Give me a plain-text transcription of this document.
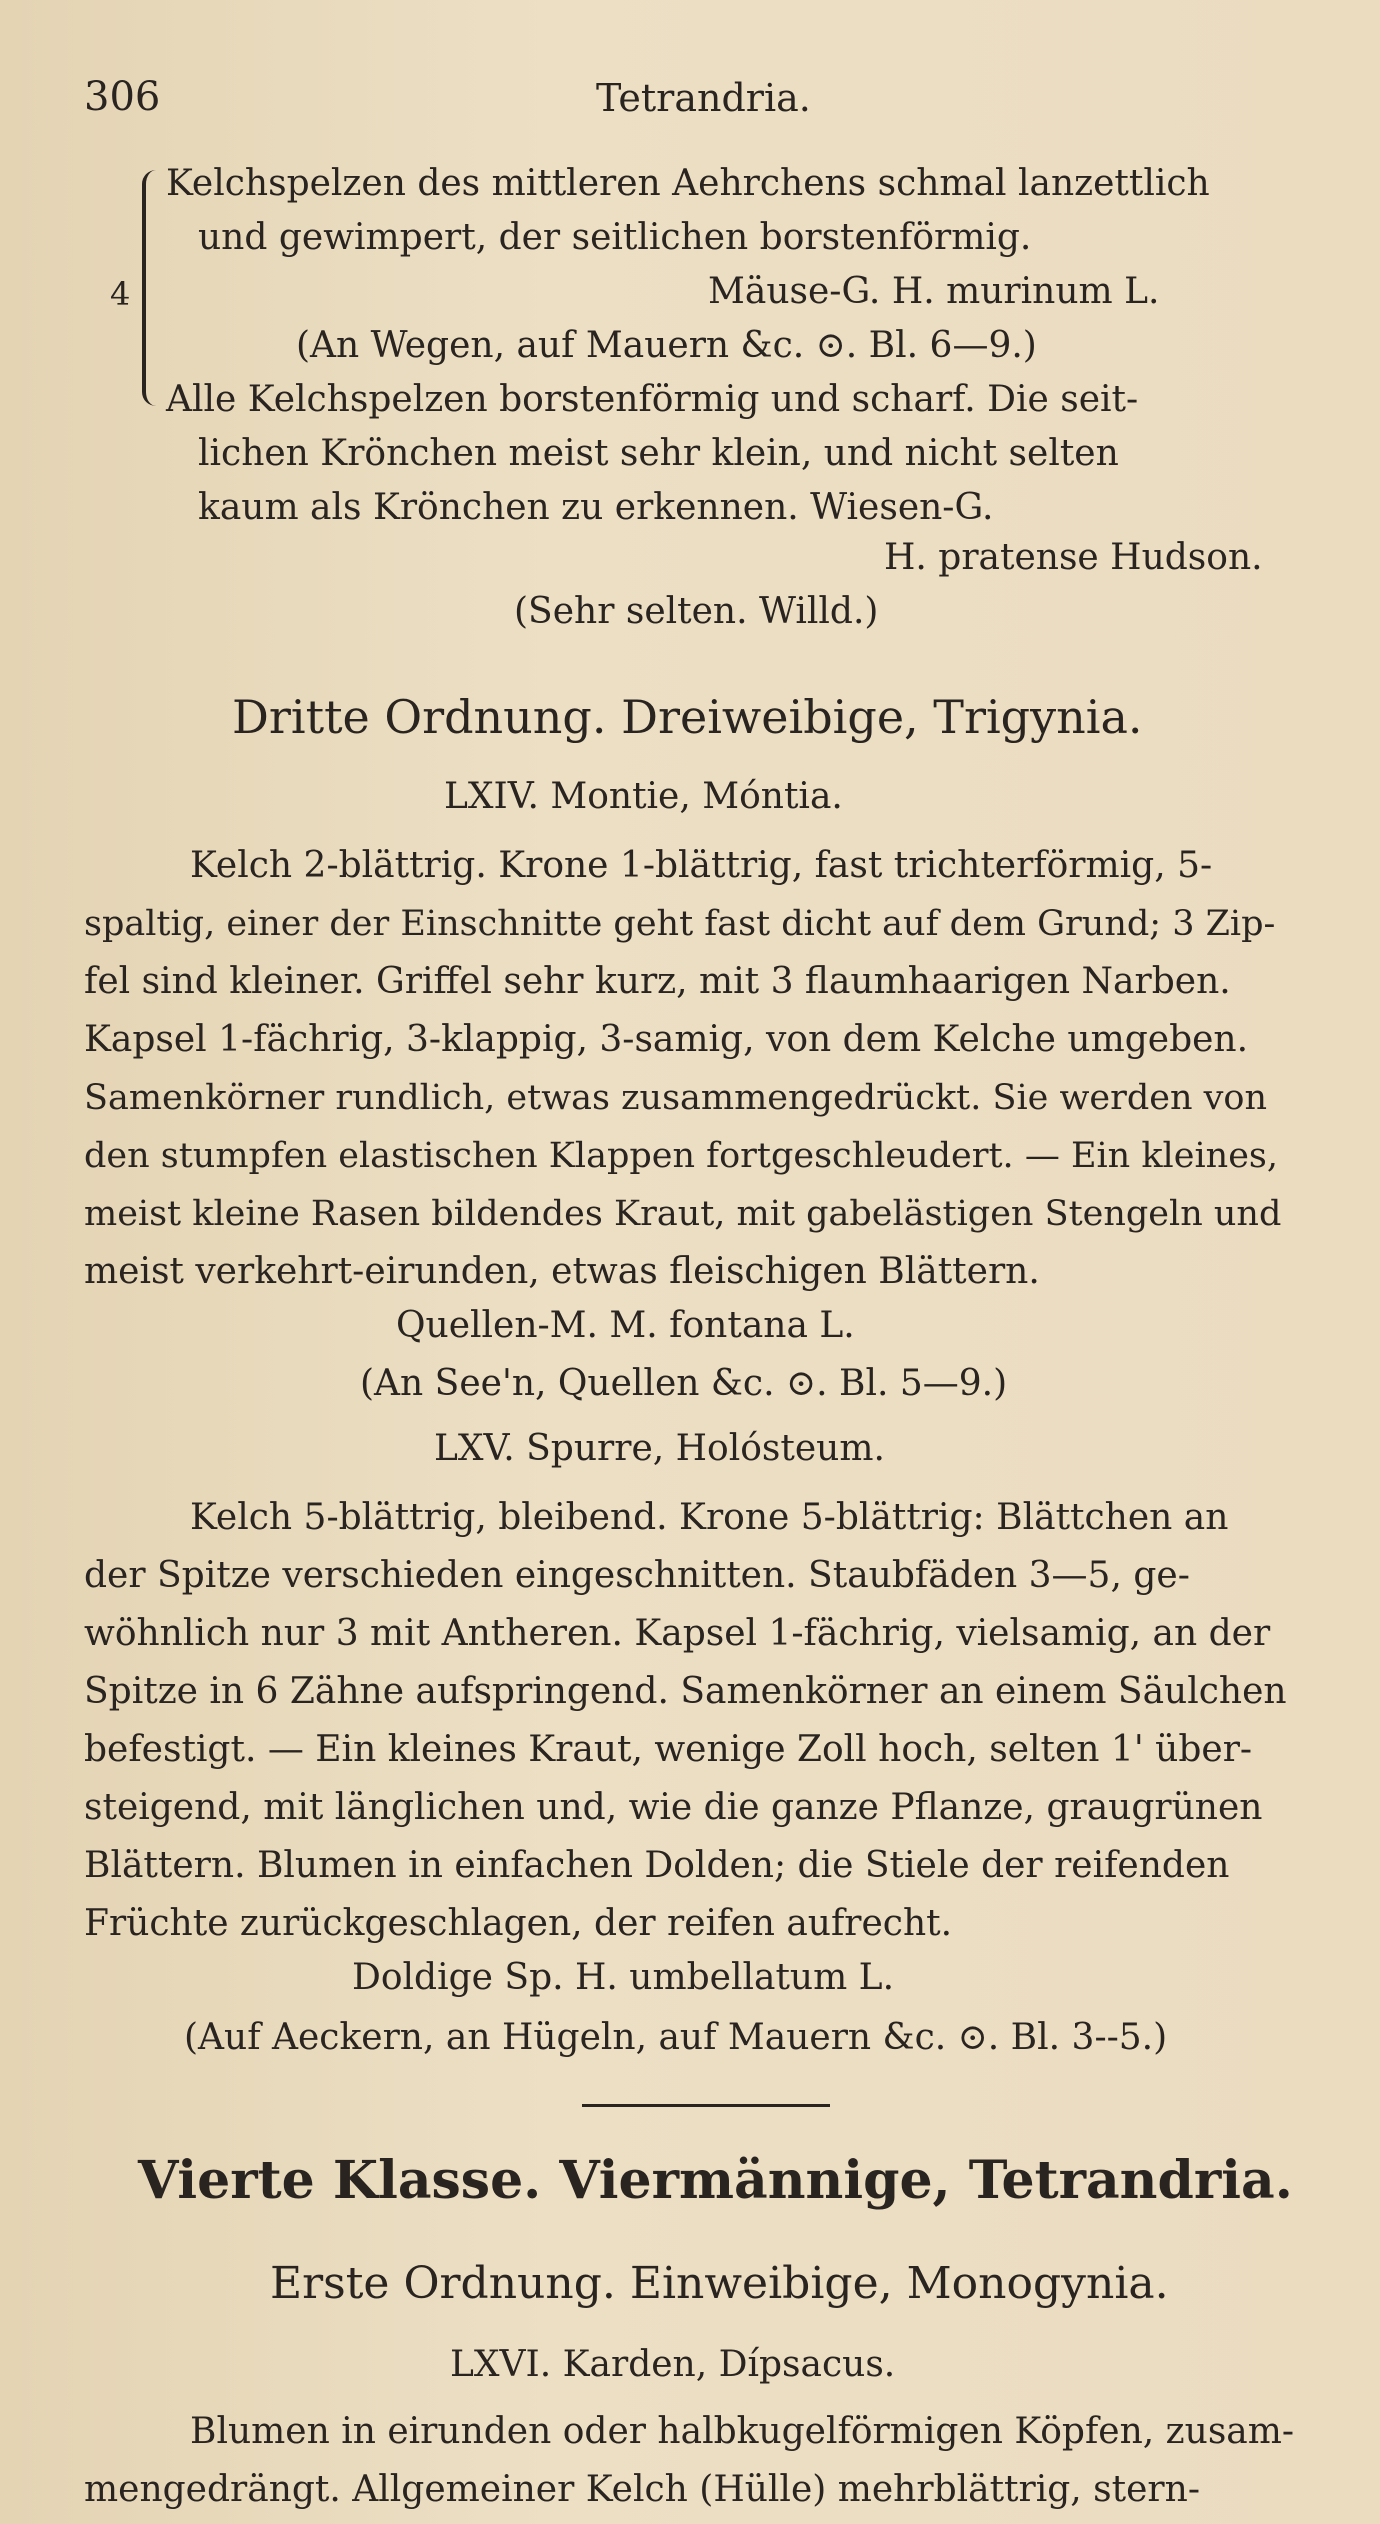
306	Tetrandria.
4
Kelchspelzen des mittleren Aehrchens schmal lanzettlich
und gewimpert, der seitlichen borstenförmig.
Mäuse-G. H. murinum L.
(An Wegen, auf Mauern &c. ⊙. Bl. 6—9.)
Alle Kelchspelzen borstenförmig und scharf. Die seit-
lichen Krönchen meist sehr klein, und nicht selten
kaum als Krönchen zu erkennen. Wiesen-G.
H. pratense Hudson.
(Sehr selten. Willd.)
Dritte Ordnung. Dreiweibige, Trigynia.
LXIV. Montie, Móntia.
Kelch 2-blättrig. Krone 1-blättrig, fast trichterförmig, 5-
spaltig, einer der Einschnitte geht fast dicht auf dem Grund; 3 Zip-
fel sind kleiner. Griffel sehr kurz, mit 3 flaumhaarigen Narben.
Kapsel 1-fächrig, 3-klappig, 3-samig, von dem Kelche umgeben.
Samenkörner rundlich, etwas zusammengedrückt. Sie werden von
den stumpfen elastischen Klappen fortgeschleudert. — Ein kleines,
meist kleine Rasen bildendes Kraut, mit gabelästigen Stengeln und
meist verkehrt-eirunden, etwas fleischigen Blättern.
Quellen-M. M. fontana L.
(An See'n, Quellen &c. ⊙. Bl. 5—9.)
LXV. Spurre, Holósteum.
Kelch 5-blättrig, bleibend. Krone 5-blättrig: Blättchen an
der Spitze verschieden eingeschnitten. Staubfäden 3—5, ge-
wöhnlich nur 3 mit Antheren. Kapsel 1-fächrig, vielsamig, an der
Spitze in 6 Zähne aufspringend. Samenkörner an einem Säulchen
befestigt. — Ein kleines Kraut, wenige Zoll hoch, selten 1' über-
steigend, mit länglichen und, wie die ganze Pflanze, graugrünen
Blättern. Blumen in einfachen Dolden; die Stiele der reifenden
Früchte zurückgeschlagen, der reifen aufrecht.
Doldige Sp. H. umbellatum L.
(Auf Aeckern, an Hügeln, auf Mauern &c. ⊙. Bl. 3--5.)
Vierte Klasse. Viermännige, Tetrandria.
Erste Ordnung. Einweibige, Monogynia.
LXVI. Karden, Dípsacus.
Blumen in eirunden oder halbkugelförmigen Köpfen, zusam-
mengedrängt. Allgemeiner Kelch (Hülle) mehrblättrig, stern-
